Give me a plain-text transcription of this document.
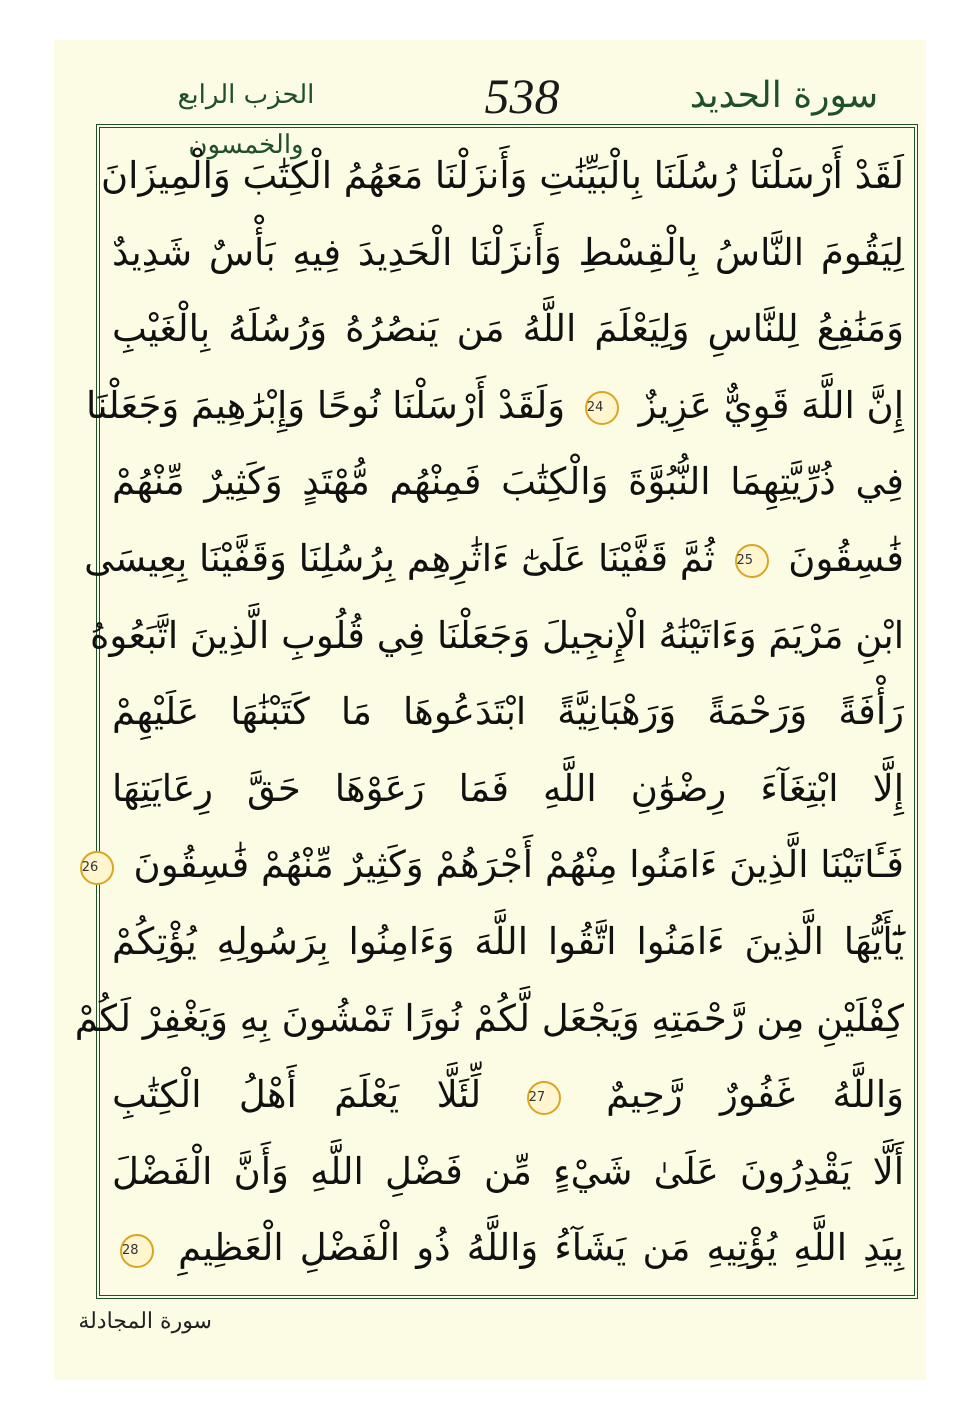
الحزب الرابع والخمسون
538	سورة الحديد
لَقَدْ أَرْسَلْنَا رُسُلَنَا بِالْبَيِّنَٰتِ وَأَنزَلْنَا مَعَهُمُ الْكِتَٰبَ وَالْمِيزَانَ
لِيَقُومَ النَّاسُ بِالْقِسْطِ وَأَنزَلْنَا الْحَدِيدَ فِيهِ بَأْسٌ شَدِيدٌ
وَمَنَٰفِعُ لِلنَّاسِ وَلِيَعْلَمَ اللَّهُ مَن يَنصُرُهُ وَرُسُلَهُ بِالْغَيْبِ
إِنَّ اللَّهَ قَوِيٌّ عَزِيزٌ 24 وَلَقَدْ أَرْسَلْنَا نُوحًا وَإِبْرَٰهِيمَ وَجَعَلْنَا
فِي ذُرِّيَّتِهِمَا النُّبُوَّةَ وَالْكِتَٰبَ فَمِنْهُم مُّهْتَدٍ وَكَثِيرٌ مِّنْهُمْ
فَٰسِقُونَ 25 ثُمَّ قَفَّيْنَا عَلَىٰٓ ءَاثَٰرِهِم بِرُسُلِنَا وَقَفَّيْنَا بِعِيسَى
ابْنِ مَرْيَمَ وَءَاتَيْنَٰهُ الْإِنجِيلَ وَجَعَلْنَا فِي قُلُوبِ الَّذِينَ اتَّبَعُوهُ
رَأْفَةً وَرَحْمَةً وَرَهْبَانِيَّةً ابْتَدَعُوهَا مَا كَتَبْنَٰهَا عَلَيْهِمْ
إِلَّا ابْتِغَآءَ رِضْوَٰنِ اللَّهِ فَمَا رَعَوْهَا حَقَّ رِعَايَتِهَا
فَـَٔاتَيْنَا الَّذِينَ ءَامَنُوا مِنْهُمْ أَجْرَهُمْ وَكَثِيرٌ مِّنْهُمْ فَٰسِقُونَ 26
يَٰٓأَيُّهَا الَّذِينَ ءَامَنُوا اتَّقُوا اللَّهَ وَءَامِنُوا بِرَسُولِهِ يُؤْتِكُمْ
كِفْلَيْنِ مِن رَّحْمَتِهِ وَيَجْعَل لَّكُمْ نُورًا تَمْشُونَ بِهِ وَيَغْفِرْ لَكُمْ
وَاللَّهُ غَفُورٌ رَّحِيمٌ 27 لِّئَلَّا يَعْلَمَ أَهْلُ الْكِتَٰبِ
أَلَّا يَقْدِرُونَ عَلَىٰ شَيْءٍ مِّن فَضْلِ اللَّهِ وَأَنَّ الْفَضْلَ
بِيَدِ اللَّهِ يُؤْتِيهِ مَن يَشَآءُ وَاللَّهُ ذُو الْفَضْلِ الْعَظِيمِ 28
سورة المجادلة
